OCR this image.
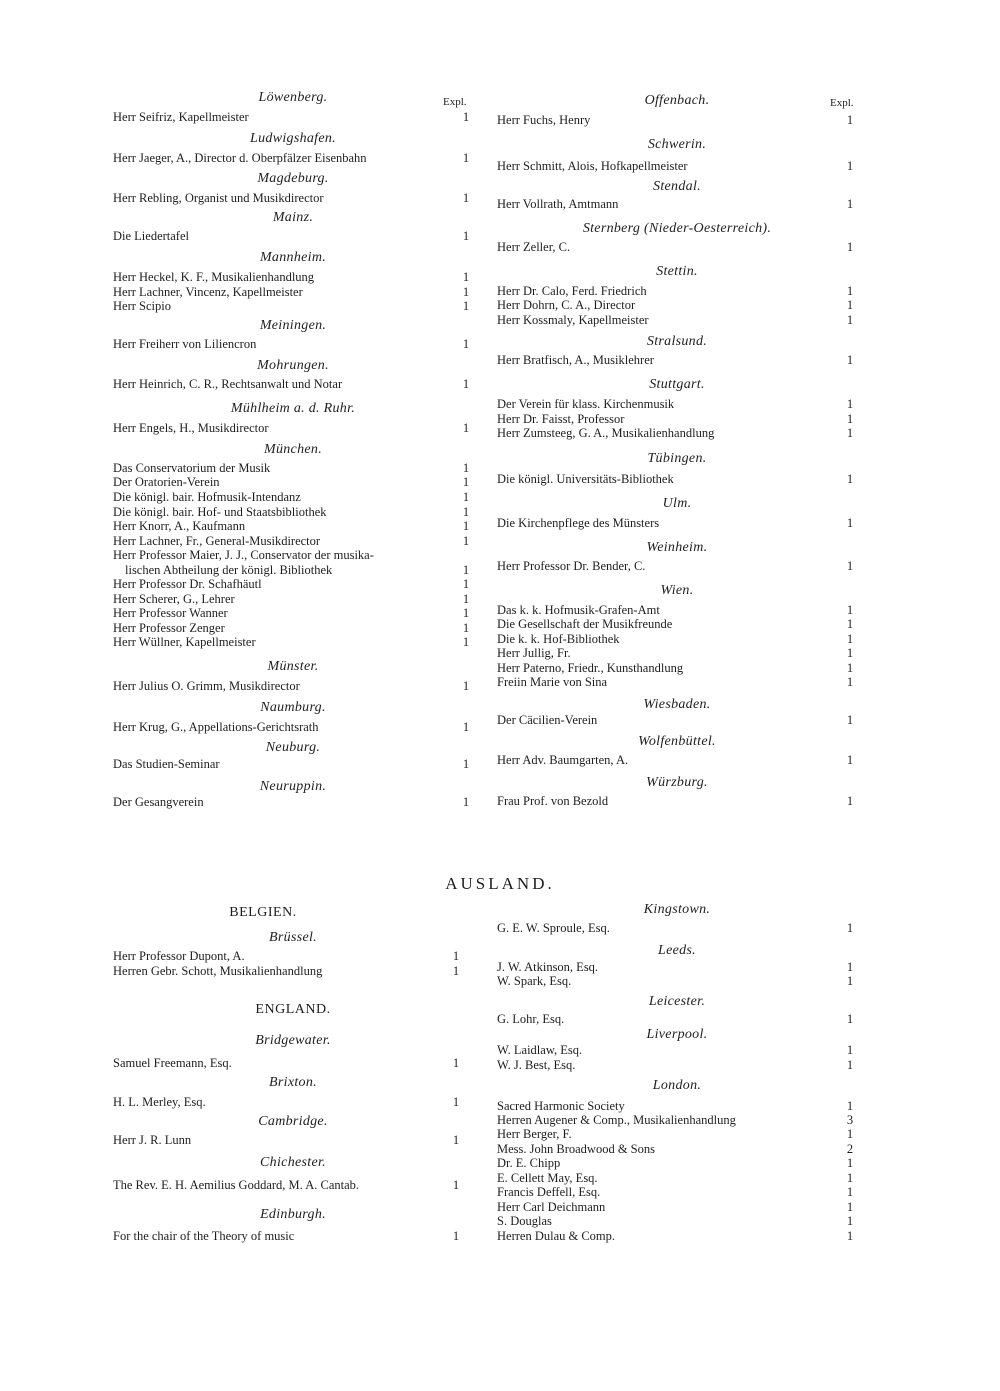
Expl.
Löwenberg.
Herr Seifriz, Kapellmeister	1
Ludwigshafen.
Herr Jaeger, A., Director d. Oberpfälzer Eisenbahn	1
Magdeburg.
Herr Rebling, Organist und Musikdirector	1
Mainz.
Die Liedertafel	1
Mannheim.
Herr Heckel, K. F., Musikalienhandlung	1
Herr Lachner, Vincenz, Kapellmeister	1
Herr Scipio	1
Meiningen.
Herr Freiherr von Liliencron	1
Mohrungen.
Herr Heinrich, C. R., Rechtsanwalt und Notar	1
Mühlheim a. d. Ruhr.
Herr Engels, H., Musikdirector	1
München.
Das Conservatorium der Musik	1
Der Oratorien-Verein	1
Die königl. bair. Hofmusik-Intendanz	1
Die königl. bair. Hof- und Staatsbibliothek	1
Herr Knorr, A., Kaufmann	1
Herr Lachner, Fr., General-Musikdirector	1
Herr Professor Maier, J. J., Conservator der musika-
lischen Abtheilung der königl. Bibliothek	1
Herr Professor Dr. Schafhäutl	1
Herr Scherer, G., Lehrer	1
Herr Professor Wanner	1
Herr Professor Zenger	1
Herr Wüllner, Kapellmeister	1
Münster.
Herr Julius O. Grimm, Musikdirector	1
Naumburg.
Herr Krug, G., Appellations-Gerichtsrath	1
Neuburg.
Das Studien-Seminar	1
Neuruppin.
Der Gesangverein	1
Expl.
Offenbach.
Herr Fuchs, Henry	1
Schwerin.
Herr Schmitt, Alois, Hofkapellmeister	1
Stendal.
Herr Vollrath, Amtmann	1
Sternberg (Nieder-Oesterreich).
Herr Zeller, C.	1
Stettin.
Herr Dr. Calo, Ferd. Friedrich	1
Herr Dohrn, C. A., Director	1
Herr Kossmaly, Kapellmeister	1
Stralsund.
Herr Bratfisch, A., Musiklehrer	1
Stuttgart.
Der Verein für klass. Kirchenmusik	1
Herr Dr. Faisst, Professor	1
Herr Zumsteeg, G. A., Musikalienhandlung	1
Tübingen.
Die königl. Universitäts-Bibliothek	1
Ulm.
Die Kirchenpflege des Münsters	1
Weinheim.
Herr Professor Dr. Bender, C.	1
Wien.
Das k. k. Hofmusik-Grafen-Amt	1
Die Gesellschaft der Musikfreunde	1
Die k. k. Hof-Bibliothek	1
Herr Jullig, Fr.	1
Herr Paterno, Friedr., Kunsthandlung	1
Freiin Marie von Sina	1
Wiesbaden.
Der Cäcilien-Verein	1
Wolfenbüttel.
Herr Adv. Baumgarten, A.	1
Würzburg.
Frau Prof. von Bezold	1
AUSLAND.
BELGIEN.
Brüssel.
Herr Professor Dupont, A.	1
Herren Gebr. Schott, Musikalienhandlung	1
ENGLAND.
Bridgewater.
Samuel Freemann, Esq.	1
Brixton.
H. L. Merley, Esq.	1
Cambridge.
Herr J. R. Lunn	1
Chichester.
The Rev. E. H. Aemilius Goddard, M. A. Cantab.	1
Edinburgh.
For the chair of the Theory of music	1
Kingstown.
G. E. W. Sproule, Esq.	1
Leeds.
J. W. Atkinson, Esq.	1
W. Spark, Esq.	1
Leicester.
G. Lohr, Esq.	1
Liverpool.
W. Laidlaw, Esq.	1
W. J. Best, Esq.	1
London.
Sacred Harmonic Society	1
Herren Augener & Comp., Musikalienhandlung	3
Herr Berger, F.	1
Mess. John Broadwood & Sons	2
Dr. E. Chipp	1
E. Cellett May, Esq.	1
Francis Deffell, Esq.	1
Herr Carl Deichmann	1
S. Douglas	1
Herren Dulau & Comp.	1
